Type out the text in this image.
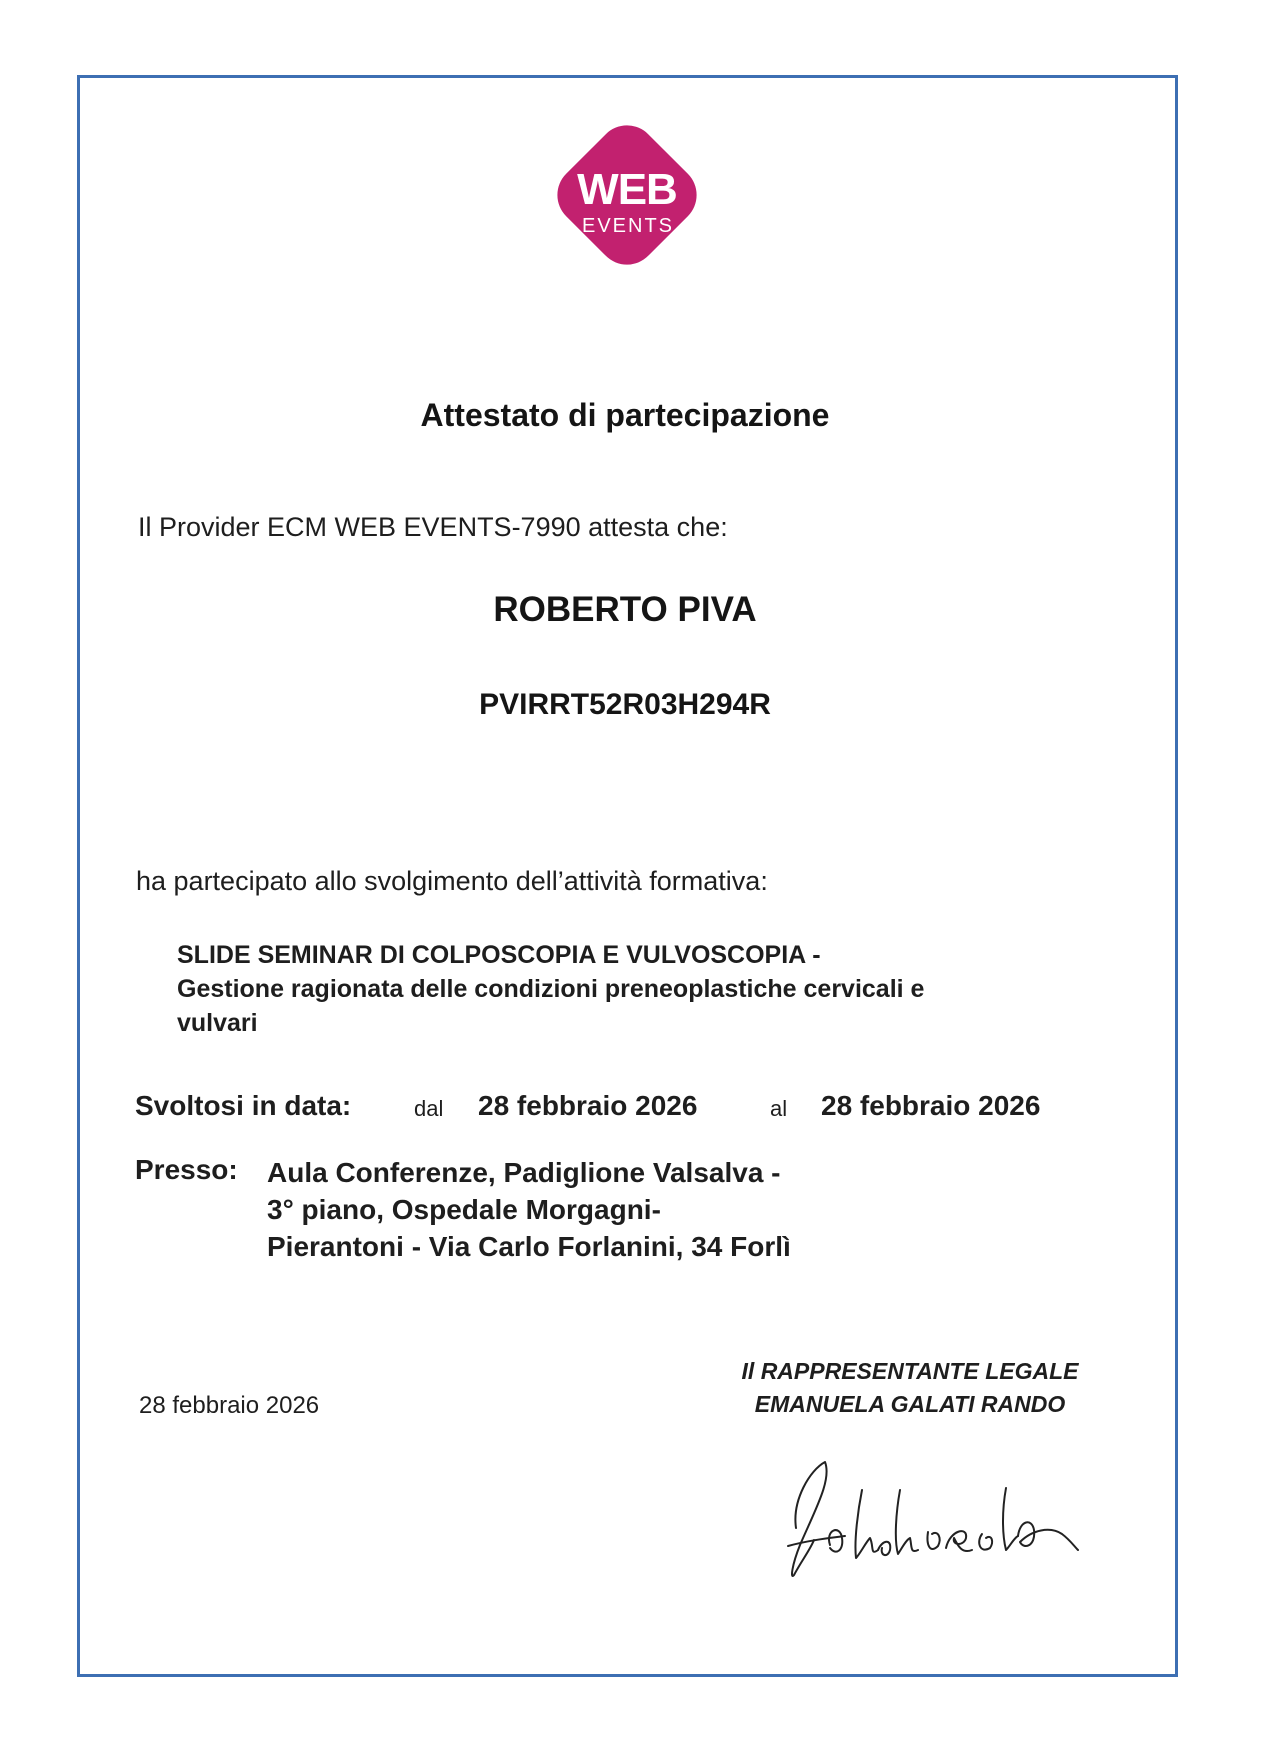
WEB
EVENTS
Attestato di partecipazione
Il Provider ECM WEB EVENTS-7990 attesta che:
ROBERTO PIVA
PVIRRT52R03H294R
ha partecipato allo svolgimento dell’attività formativa:
SLIDE SEMINAR DI COLPOSCOPIA E VULVOSCOPIA -
Gestione ragionata delle condizioni preneoplastiche cervicali e
vulvari
Svoltosi in data:	dal 28 febbraio 2026	al 28 febbraio 2026
Presso: Aula Conferenze, Padiglione Valsalva -
3° piano, Ospedale Morgagni-
Pierantoni - Via Carlo Forlanini, 34 Forlì
28 febbraio 2026
Il RAPPRESENTANTE LEGALE
EMANUELA GALATI RANDO
